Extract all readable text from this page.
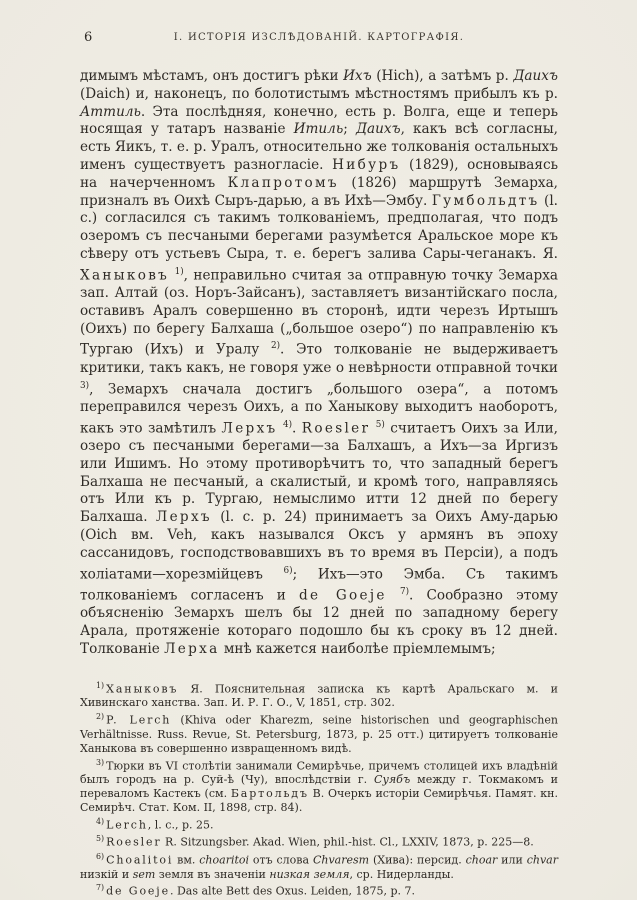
6	І. ИСТОРІЯ ИЗСЛѢДОВАНІЙ. КАРТОГРАФІЯ.
димымъ мѣстамъ, онъ достигъ рѣки Ихъ (Hich), а затѣмъ р. Даихъ (Daich) и, наконецъ, по болотистымъ мѣстностямъ прибылъ къ р. Аттиль. Эта послѣдняя, конечно, есть р. Волга, еще и теперь носящая у татаръ названіе Итиль; Даихъ, какъ всѣ согласны, есть Яикъ, т. е. р. Уралъ, относительно же толкованія остальныхъ именъ существуетъ разногласіе. Нибуръ (1829), основываясь на начерченномъ Клапротомъ (1826) маршрутѣ Земарха, призналъ въ Оихѣ Сыръ-дарью, а въ Ихѣ—Эмбу. Гумбольдтъ (l. c.) согласился съ такимъ толкованіемъ, предполагая, что подъ озеромъ съ песчаными берегами разумѣется Аральское море къ сѣверу отъ устьевъ Сыра, т. е. берегъ залива Сары-чеганакъ. Я. Ханыковъ $^{1)}$, неправильно считая за отправную точку Земарха зап. Алтай (оз. Норъ-Зайсанъ), заставляетъ византійскаго посла, оставивъ Аралъ совершенно въ сторонѣ, идти черезъ Иртышъ (Оихъ) по берегу Балхаша („большое озеро“) по направленію къ Тургаю (Ихъ) и Уралу $^{2)}$. Это толкованіе не выдерживаетъ критики, такъ какъ, не говоря уже о невѣрности отправной точки $^{3)}$, Земархъ сначала достигъ „большого озера“, а потомъ переправился черезъ Оихъ, а по Ханыкову выходитъ наоборотъ, какъ это замѣтилъ Лерхъ $^{4)}$. Roesler $^{5)}$ считаетъ Оихъ за Или, озеро съ песчаными берегами—за Балхашъ, а Ихъ—за Иргизъ или Ишимъ. Но этому противорѣчитъ то, что западный берегъ Балхаша не песчаный, а скалистый, и кромѣ того, направляясь отъ Или къ р. Тургаю, немыслимо итти 12 дней по берегу Балхаша. Лерхъ (l. c. p. 24) принимаетъ за Оихъ Аму-дарью (Oich вм. Veh, какъ назывался Оксъ у армянъ въ эпоху сассанидовъ, господствовавшихъ въ то время въ Персіи), а подъ холіатами—хорезмійцевъ $^{6)}$; Ихъ—это Эмба. Съ такимъ толкованіемъ согласенъ и de Goeje $^{7)}$. Сообразно этому объясненію Земархъ шелъ бы 12 дней по западному берегу Арала, протяженіе котораго подошло бы къ сроку въ 12 дней. Толкованіе Лерха мнѣ кажется наиболѣе пріемлемымъ;

$^{1)}$ Ханыковъ Я. Пояснительная записка къ картѣ Аральскаго м. и Хивинскаго ханства. Зап. И. Р. Г. О., V, 1851, стр. 302.

$^{2)}$ P. Lerch (Khiva oder Kharezm, seine historischen und geographischen Verhältnisse. Russ. Revue, St. Petersburg, 1873, p. 25 отт.) цитируетъ толкованіе Ханыкова въ совершенно извращенномъ видѣ.

$^{3)}$ Тюрки въ VI столѣтіи занимали Семирѣчье, причемъ столицей ихъ владѣній былъ городъ на р. Суй-ѣ (Чу), впослѣдствіи г. Суябъ между г. Токмакомъ и переваломъ Кастекъ (см. Бартольдъ В. Очеркъ исторіи Семирѣчья. Памят. кн. Семирѣч. Стат. Ком. II, 1898, стр. 84).

$^{4)}$ Lerch, l. c., p. 25.

$^{5)}$ Roesler R. Sitzungsber. Akad. Wien, phil.-hist. Cl., LXXIV, 1873, p. 225—8.

$^{6)}$ Choalitoi вм. choaritoi отъ слова Chvaresm (Хива): персид. choar или chvar низкій и sem земля въ значеніи низкая земля, ср. Нидерланды.

$^{7)}$ de Goeje. Das alte Bett des Oxus. Leiden, 1875, p. 7.
